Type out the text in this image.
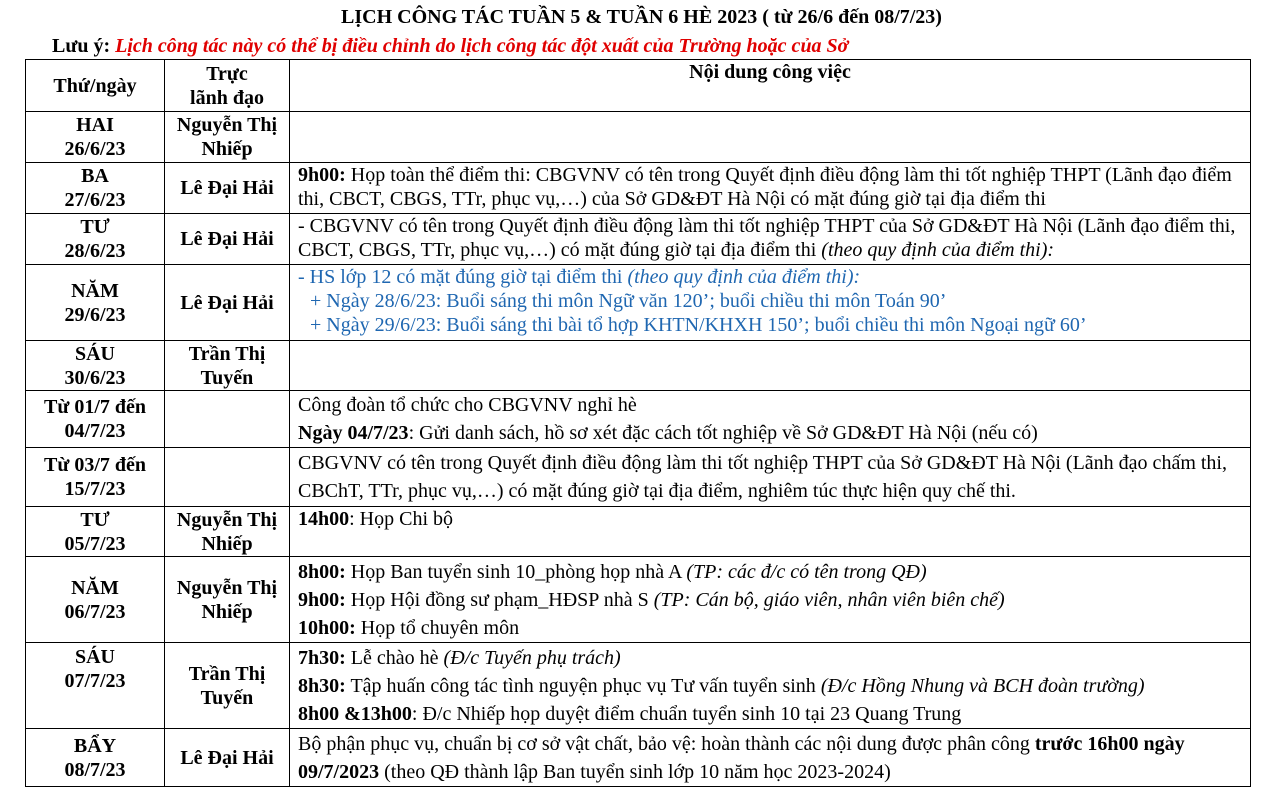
LỊCH CÔNG TÁC TUẦN 5 & TUẦN 6 HÈ 2023 ( từ 26/6 đến 08/7/23)
Lưu ý: Lịch công tác này có thể bị điều chỉnh do lịch công tác đột xuất của Trường hoặc của Sở
Thứ/ngày	Trực
lãnh đạo	Nội dung công việc

HAI
26/6/23	Nguyễn Thị
Nhiếp	

BA
27/6/23	Lê Đại Hải	9h00: Họp toàn thể điểm thi: CBGVNV có tên trong Quyết định điều động làm thi tốt nghiệp THPT (Lãnh đạo điểm thi, CBCT, CBGS, TTr, phục vụ,…) của Sở GD&ĐT Hà Nội có mặt đúng giờ tại địa điểm thi

TƯ
28/6/23	Lê Đại Hải	- CBGVNV có tên trong Quyết định điều động làm thi tốt nghiệp THPT của Sở GD&ĐT Hà Nội (Lãnh đạo điểm thi, CBCT, CBGS, TTr, phục vụ,…) có mặt đúng giờ tại địa điểm thi (theo quy định của điểm thi):

NĂM
29/6/23	Lê Đại Hải	- HS lớp 12 có mặt đúng giờ tại điểm thi (theo quy định của điểm thi):
+ Ngày 28/6/23: Buổi sáng thi môn Ngữ văn 120’; buổi chiều thi môn Toán 90’
+ Ngày 29/6/23: Buổi sáng thi bài tổ hợp KHTN/KHXH 150’; buổi chiều thi môn Ngoại ngữ 60’

SÁU
30/6/23	Trần Thị
Tuyến	

Từ 01/7 đến
04/7/23		Công đoàn tổ chức cho CBGVNV nghỉ hè
Ngày 04/7/23: Gửi danh sách, hồ sơ xét đặc cách tốt nghiệp về Sở GD&ĐT Hà Nội (nếu có)

Từ 03/7 đến
15/7/23		CBGVNV có tên trong Quyết định điều động làm thi tốt nghiệp THPT của Sở GD&ĐT Hà Nội (Lãnh đạo chấm thi, CBChT, TTr, phục vụ,…) có mặt đúng giờ tại địa điểm, nghiêm túc thực hiện quy chế thi.

TƯ
05/7/23	Nguyễn Thị
Nhiếp	14h00: Họp Chi bộ

NĂM
06/7/23	Nguyễn Thị
Nhiếp	8h00: Họp Ban tuyển sinh 10_phòng họp nhà A (TP: các đ/c có tên trong QĐ)
9h00: Họp Hội đồng sư phạm_HĐSP nhà S (TP: Cán bộ, giáo viên, nhân viên biên chế)
10h00: Họp tổ chuyên môn

SÁU
07/7/23	Trần Thị
Tuyến	7h30: Lễ chào hè (Đ/c Tuyến phụ trách)
8h30: Tập huấn công tác tình nguyện phục vụ Tư vấn tuyển sinh (Đ/c Hồng Nhung và BCH đoàn trường)
8h00 &13h00: Đ/c Nhiếp họp duyệt điểm chuẩn tuyển sinh 10 tại 23 Quang Trung

BẨY
08/7/23	Lê Đại Hải	Bộ phận phục vụ, chuẩn bị cơ sở vật chất, bảo vệ: hoàn thành các nội dung được phân công trước 16h00 ngày 09/7/2023 (theo QĐ thành lập Ban tuyển sinh lớp 10 năm học 2023-2024)
